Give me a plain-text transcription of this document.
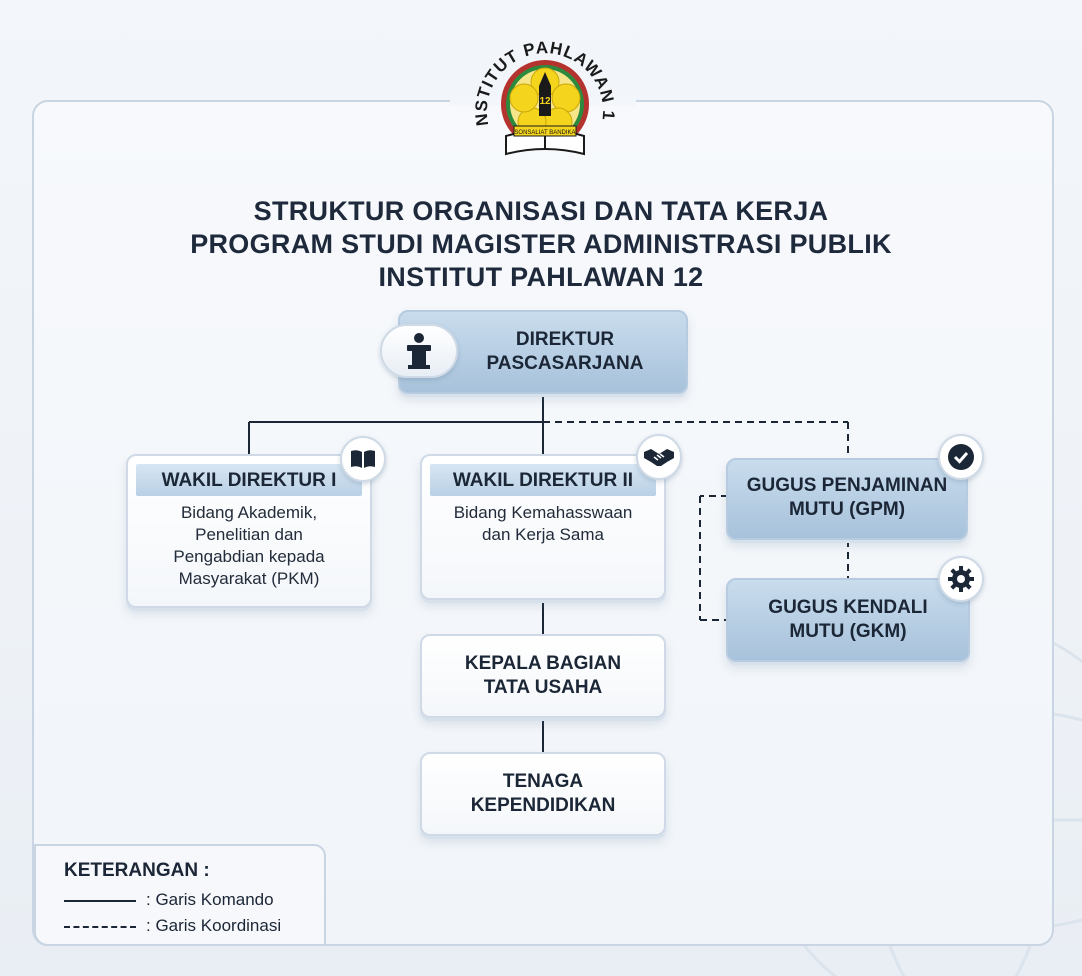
NSTITUT PAHLAWAN 1
12
SONSALIAT BANDIKA
STRUKTUR ORGANISASI DAN TATA KERJA
PROGRAM STUDI MAGISTER ADMINISTRASI PUBLIK
INSTITUT PAHLAWAN 12
DIREKTUR
PASCASARJANA
WAKIL DIREKTUR I
Bidang Akademik,
Penelitian dan
Pengabdian kepada
Masyarakat (PKM)
WAKIL DIREKTUR II
Bidang Kemahasswaan
dan Kerja Sama
GUGUS PENJAMINAN
MUTU (GPM)
GUGUS KENDALI
MUTU (GKM)
KEPALA BAGIAN
TATA USAHA
TENAGA
KEPENDIDIKAN
KETERANGAN :
: Garis Komando
: Garis Koordinasi
